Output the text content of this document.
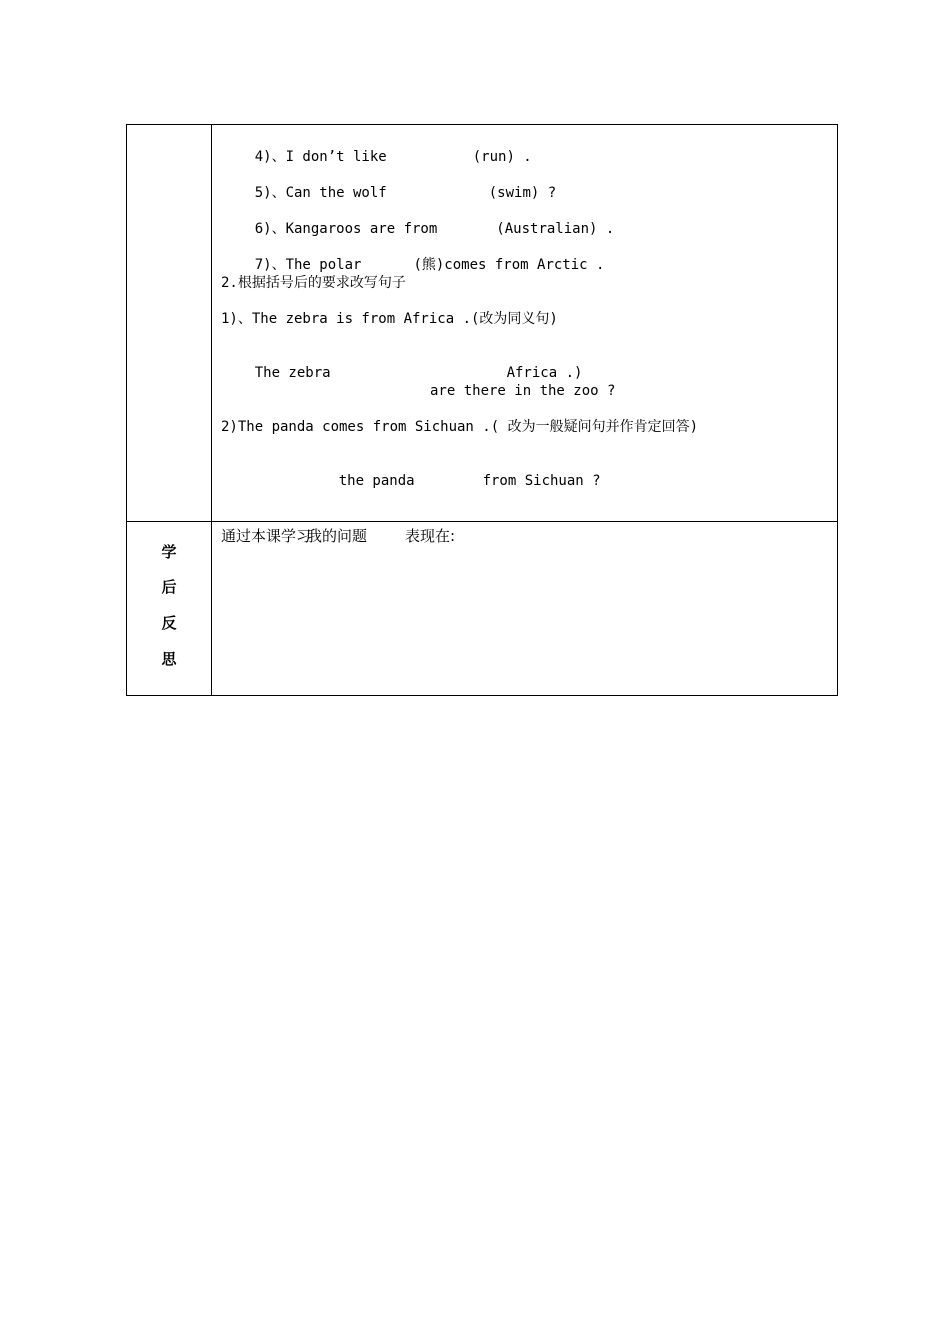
4)、I don’t like	(run) .

5)、Can the wolf	(swim) ?

6)、Kangaroos are from	(Australian) .

7)、The polar	(熊)comes from Arctic .

2.根据括号后的要求改写句子
1)、The zebra is from Africa .(改为同义句)

The zebra	Africa .)

are there in the zoo ?
2)The panda comes from Sichuan .( 改为一般疑问句并作肯定回答)

the panda	from Sichuan ?

学
后
反
思
通过本课学习
我的问题	表现在:
